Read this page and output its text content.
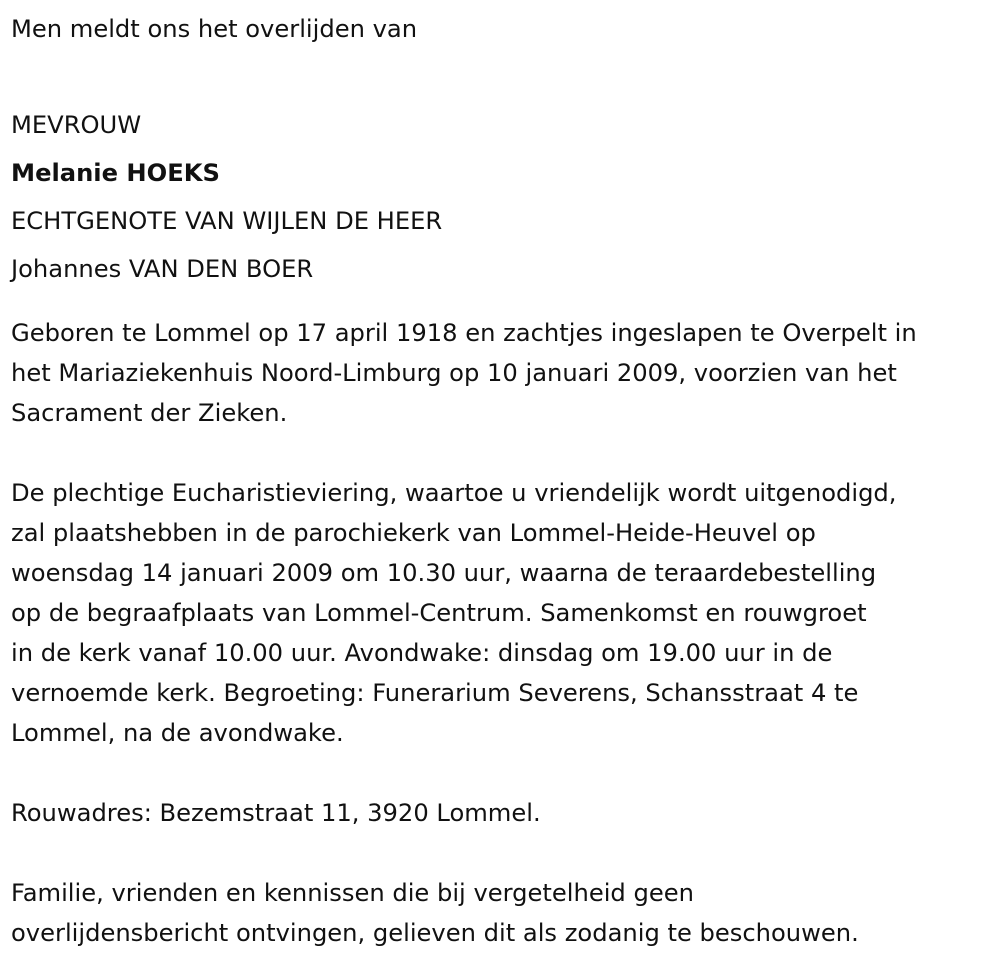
Men meldt ons het overlijden van
MEVROUW
Melanie HOEKS
ECHTGENOTE VAN WIJLEN DE HEER
Johannes VAN DEN BOER
Geboren te Lommel op 17 april 1918 en zachtjes ingeslapen te Overpelt in
het Mariaziekenhuis Noord-Limburg op 10 januari 2009, voorzien van het
Sacrament der Zieken.
De plechtige Eucharistieviering, waartoe u vriendelijk wordt uitgenodigd,
zal plaatshebben in de parochiekerk van Lommel-Heide-Heuvel op
woensdag 14 januari 2009 om 10.30 uur, waarna de teraardebestelling
op de begraafplaats van Lommel-Centrum. Samenkomst en rouwgroet
in de kerk vanaf 10.00 uur. Avondwake: dinsdag om 19.00 uur in de
vernoemde kerk. Begroeting: Funerarium Severens, Schansstraat 4 te
Lommel, na de avondwake.
Rouwadres: Bezemstraat 11, 3920 Lommel.
Familie, vrienden en kennissen die bij vergetelheid geen
overlijdensbericht ontvingen, gelieven dit als zodanig te beschouwen.
